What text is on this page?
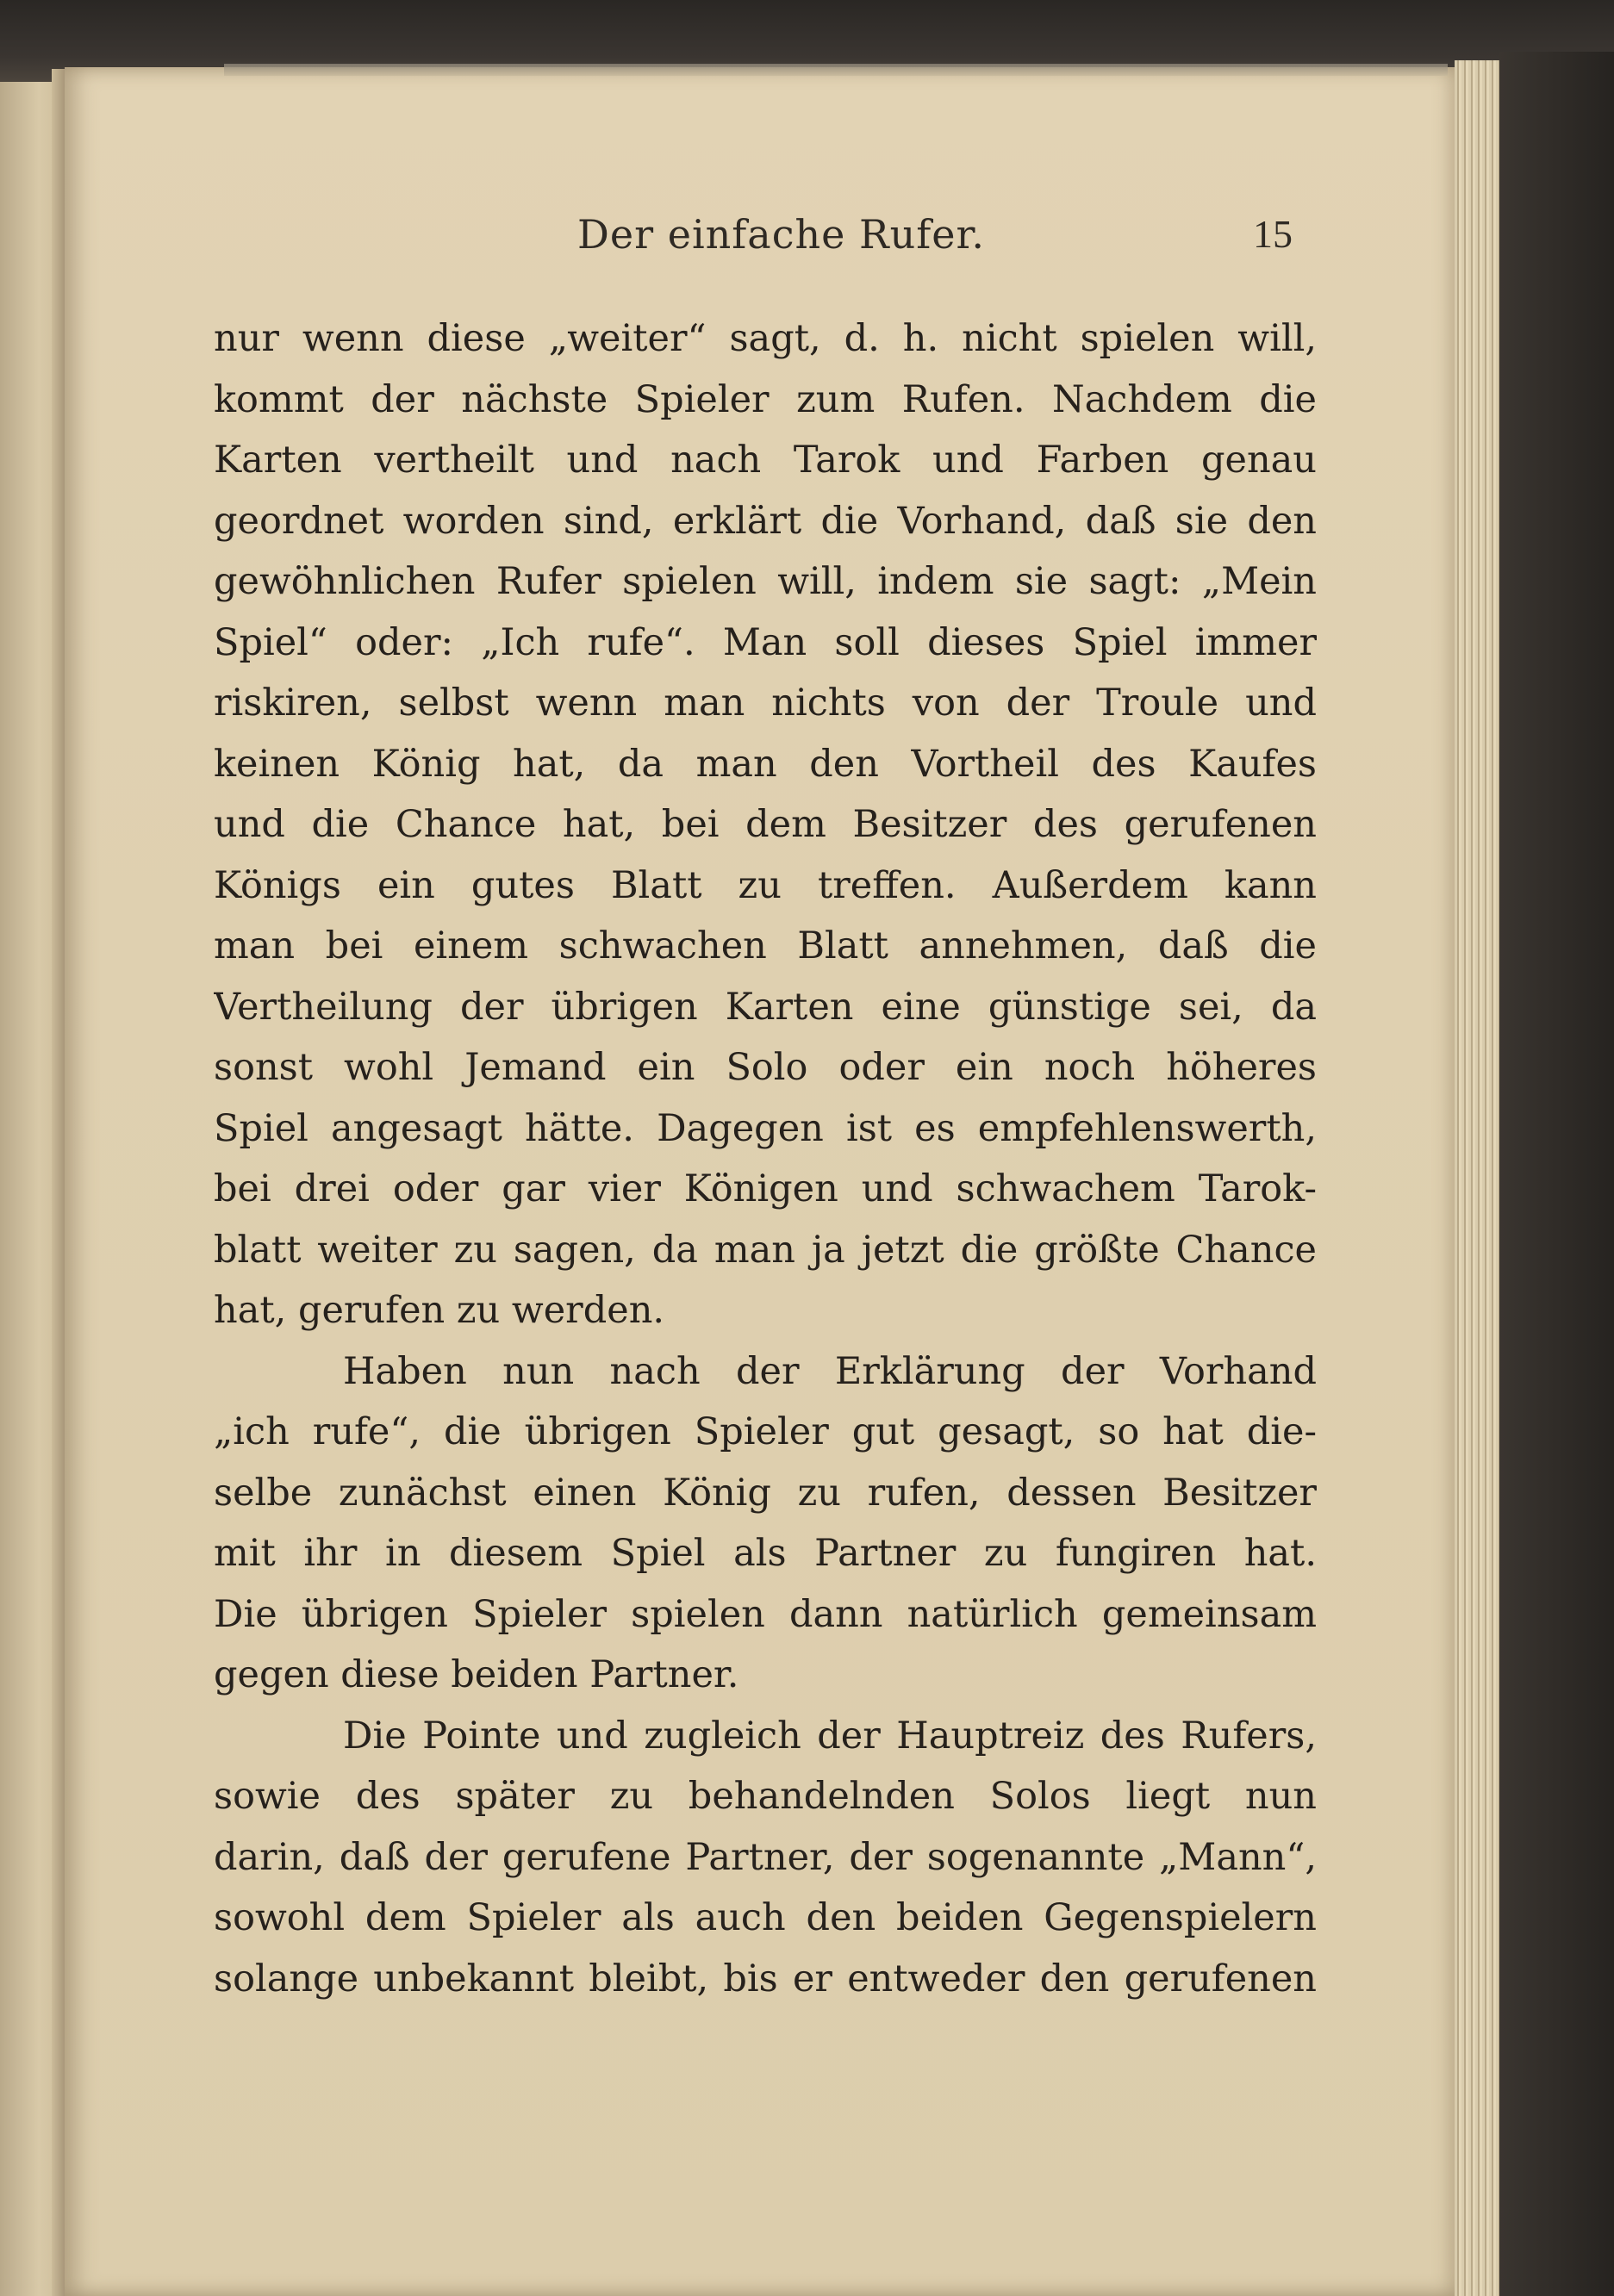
Der einfache Rufer.	15
nur wenn diese „weiter“ sagt, d. h. nicht spielen will,
kommt der nächste Spieler zum Rufen. Nachdem die
Karten vertheilt und nach Tarok und Farben genau
geordnet worden sind, erklärt die Vorhand, daß sie den
gewöhnlichen Rufer spielen will, indem sie sagt: „Mein
Spiel“ oder: „Ich rufe“. Man soll dieses Spiel immer
riskiren, selbst wenn man nichts von der Troule und
keinen König hat, da man den Vortheil des Kaufes
und die Chance hat, bei dem Besitzer des gerufenen
Königs ein gutes Blatt zu treffen. Außerdem kann
man bei einem schwachen Blatt annehmen, daß die
Vertheilung der übrigen Karten eine günstige sei, da
sonst wohl Jemand ein Solo oder ein noch höheres
Spiel angesagt hätte. Dagegen ist es empfehlenswerth,
bei drei oder gar vier Königen und schwachem Tarok-
blatt weiter zu sagen, da man ja jetzt die größte Chance
hat, gerufen zu werden.
Haben nun nach der Erklärung der Vorhand
„ich rufe“, die übrigen Spieler gut gesagt, so hat die-
selbe zunächst einen König zu rufen, dessen Besitzer
mit ihr in diesem Spiel als Partner zu fungiren hat.
Die übrigen Spieler spielen dann natürlich gemeinsam
gegen diese beiden Partner.
Die Pointe und zugleich der Hauptreiz des Rufers,
sowie des später zu behandelnden Solos liegt nun
darin, daß der gerufene Partner, der sogenannte „Mann“,
sowohl dem Spieler als auch den beiden Gegenspielern
solange unbekannt bleibt, bis er entweder den gerufenen
